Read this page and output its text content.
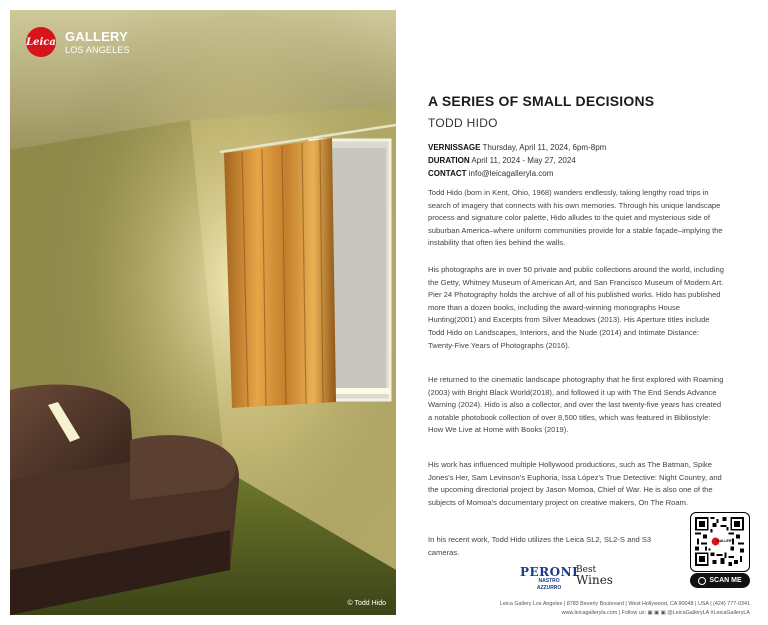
Leica GALLERY
LOS ANGELES
© Todd Hido
A SERIES OF SMALL DECISIONS
TODD HIDO
VERNISSAGE Thursday, April 11, 2024, 6pm-8pm
DURATION April 11, 2024 - May 27, 2024
CONTACT info@leicagalleryla.com

Todd Hido (born in Kent, Ohio, 1968) wanders endlessly, taking lengthy road trips in search of imagery that connects with his own memories. Through his unique landscape process and signature color palette, Hido alludes to the quiet and mysterious side of suburban America–where uniform communities provide for a stable façade–implying the instability that often lies behind the walls.

His photographs are in over 50 private and public collections around the world, including the Getty, Whitney Museum of American Art, and San Francisco Museum of Modern Art. Pier 24 Photography holds the archive of all of his published works. Hido has published more than a dozen books, including the award-winning monographs House Hunting(2001) and Excerpts from Silver Meadows (2013). His Aperture titles include Todd Hido on Landscapes, Interiors, and the Nude (2014) and Intimate Distance: Twenty-Five Years of Photographs (2016).

He returned to the cinematic landscape photography that he first explored with Roaming (2003) with Bright Black World(2018), and followed it up with The End Sends Advance Warning (2024). Hido is also a collector, and over the last twenty-five years has created a notable photobook collection of over 8,500 titles, which was featured in Bibliostyle: How We Live at Home with Books (2019).

His work has influenced multiple Hollywood productions, such as The Batman, Spike Jones's Her, Sam Levinson's Euphoria, Issa López's True Detective: Night Country, and the upcoming directorial project by Jason Momoa, Chief of War. He is also one of the subjects of Momoa's documentary project on creative makers, On The Roam.

In his recent work, Todd Hido utilizes the Leica SL2, SL2-S and S3 cameras.

PERONI
NASTRO
AZZURRO
Best
Wines
GALLERY
SCAN ME
Leica Gallery Los Angeles | 8783 Beverly Boulevard | West Hollywood, CA 90048 | USA | (424) 777-0341
www.leicagalleryla.com | Follow us: ▣ ▣ ▣ @LeicaGalleryLA #LeicaGalleryLA
